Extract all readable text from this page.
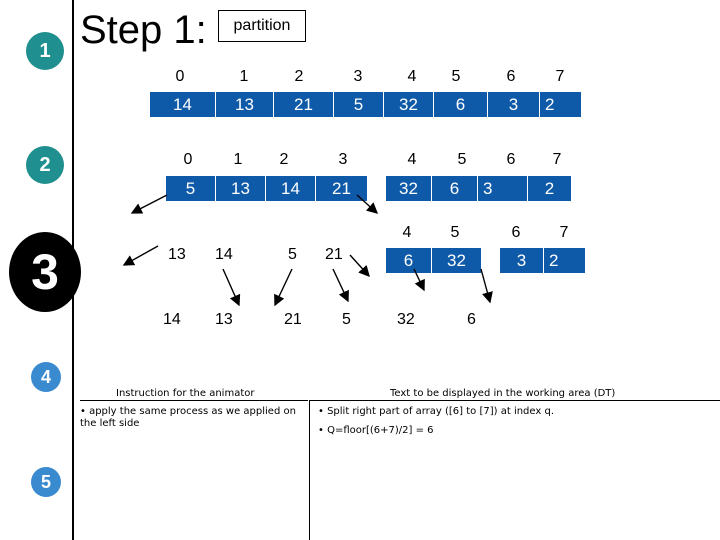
1
2
3
4
5
Step 1:	partition
0	1	2	3	4	5	6	7
14	13	21	5	32	6	3	2
0	1	2	3	4	5	6	7
5	13	14	21	32	6	3	2
13 14	5 21
4	5	6	7
6	32	3	2
14 13	21	5	32	6
Instruction for the animator	Text to be displayed in the working area (DT)
• apply the same process as we applied on the left side
• Split right part of array ([6] to [7]) at index q.
• Q=floor[(6+7)/2] = 6
